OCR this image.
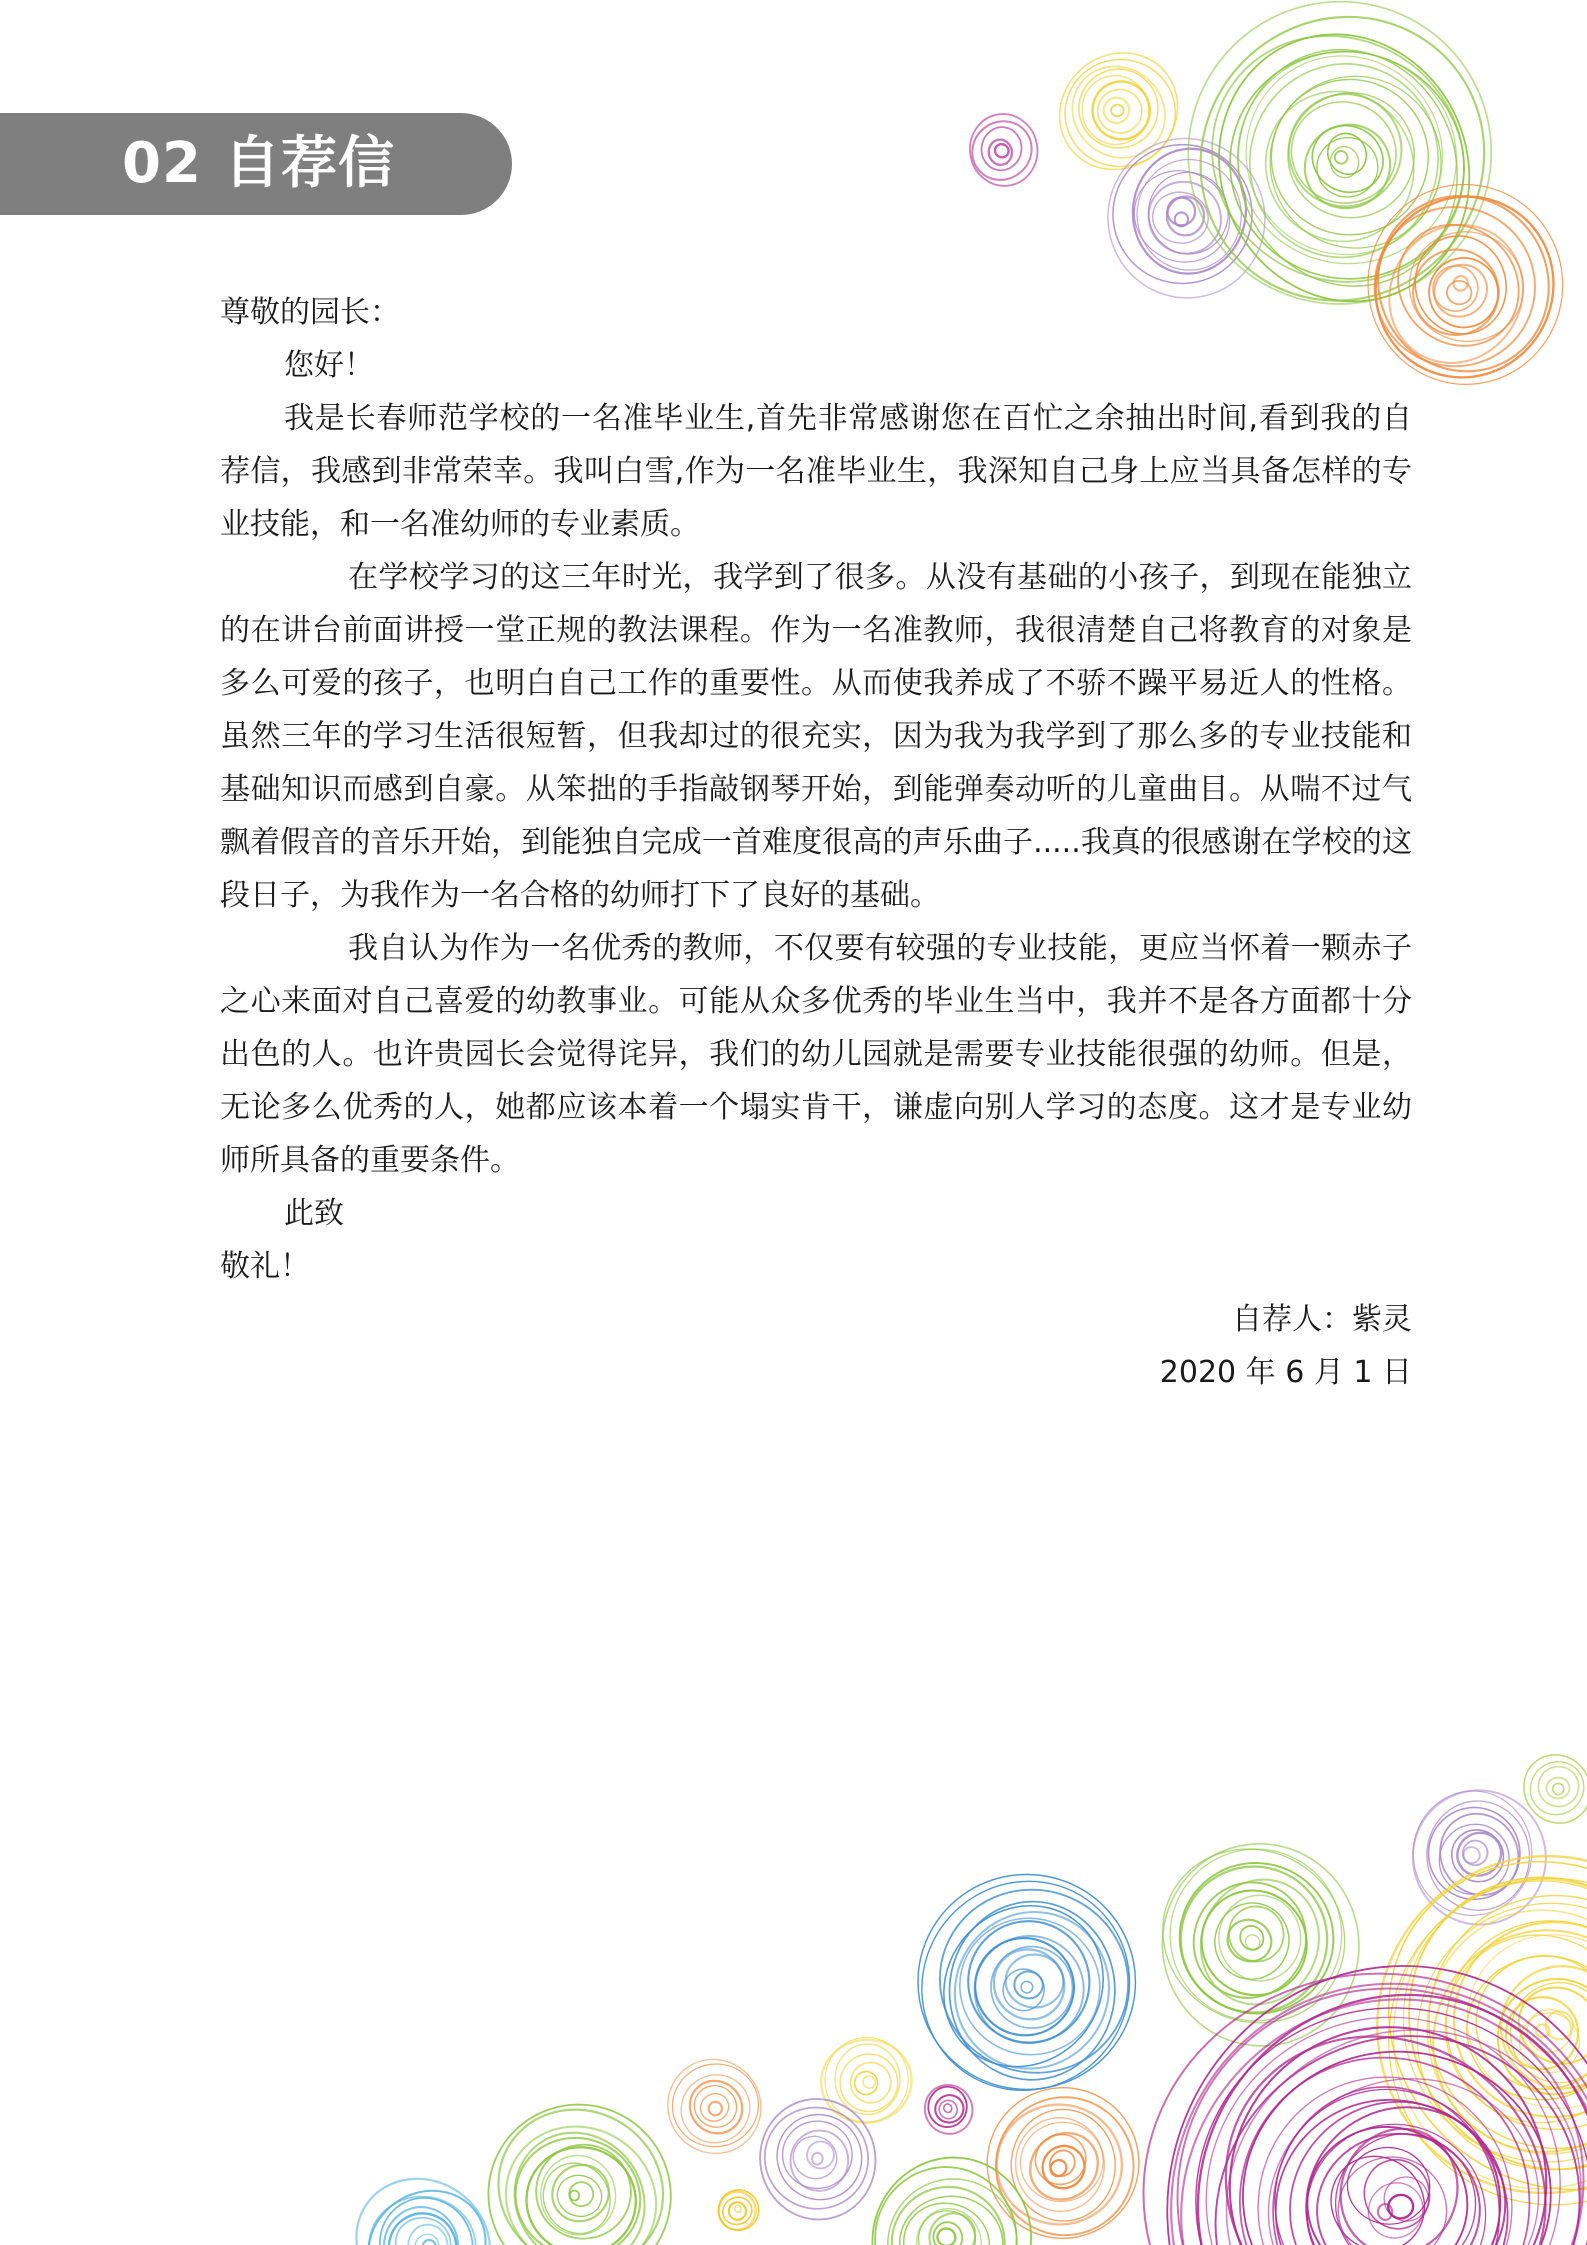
02 自荐信

尊敬的园长：

您好！

我是长春师范学校的一名准毕业生,首先非常感谢您在百忙之余抽出时间,看到我的自荐信，我感到非常荣幸。我叫白雪,作为一名准毕业生，我深知自己身上应当具备怎样的专业技能，和一名准幼师的专业素质。

在学校学习的这三年时光，我学到了很多。从没有基础的小孩子，到现在能独立的在讲台前面讲授一堂正规的教法课程。作为一名准教师，我很清楚自己将教育的对象是多么可爱的孩子，也明白自己工作的重要性。从而使我养成了不骄不躁平易近人的性格。虽然三年的学习生活很短暂，但我却过的很充实，因为我为我学到了那么多的专业技能和基础知识而感到自豪。从笨拙的手指敲钢琴开始，到能弹奏动听的儿童曲目。从喘不过气飘着假音的音乐开始，到能独自完成一首难度很高的声乐曲子.....我真的很感谢在学校的这段日子，为我作为一名合格的幼师打下了良好的基础。

我自认为作为一名优秀的教师，不仅要有较强的专业技能，更应当怀着一颗赤子之心来面对自己喜爱的幼教事业。可能从众多优秀的毕业生当中，我并不是各方面都十分出色的人。也许贵园长会觉得诧异，我们的幼儿园就是需要专业技能很强的幼师。但是，无论多么优秀的人，她都应该本着一个塌实肯干，谦虚向别人学习的态度。这才是专业幼师所具备的重要条件。

此致

敬礼！

自荐人：紫灵

2020 年 6 月 1 日
